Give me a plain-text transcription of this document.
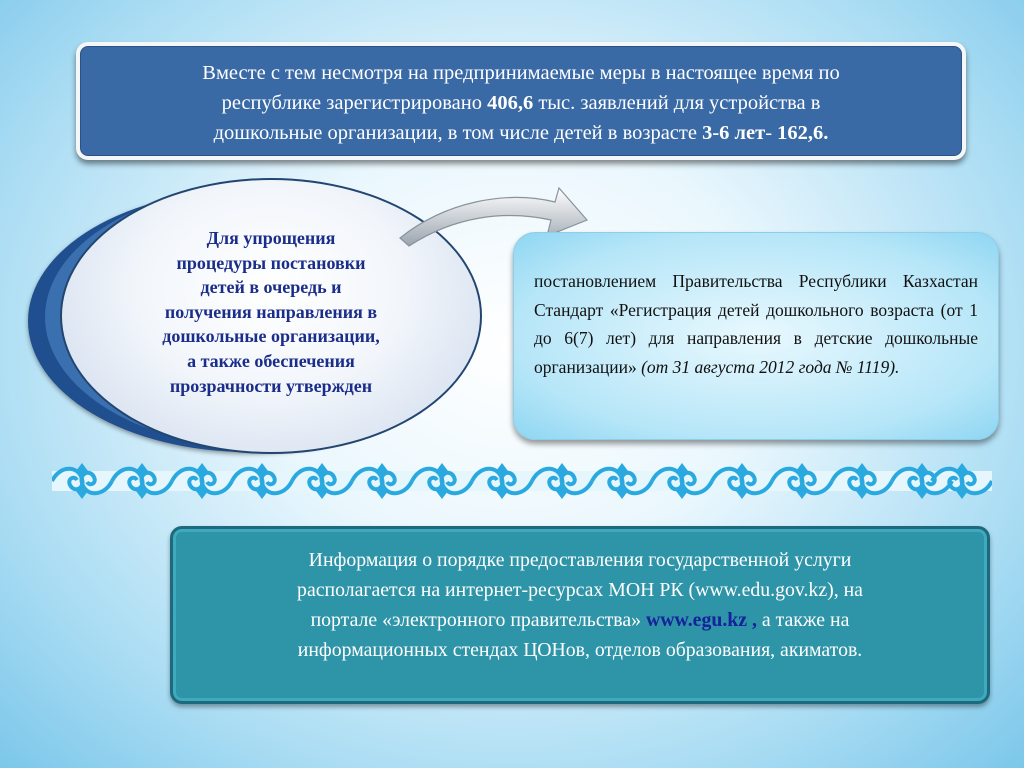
Вместе с тем несмотря на предпринимаемые меры в настоящее время по
республике зарегистрировано 406,6 тыс. заявлений для устройства в
дошкольные организации, в том числе детей в возрасте 3-6 лет- 162,6.
Для упрощения
процедуры постановки
детей в очередь и
получения направления в
дошкольные организации,
а также обеспечения
прозрачности утвержден

постановлением Правительства Республики Казхастан Стандарт «Регистрация детей дошкольного возраста (от 1 до 6(7) лет) для направления в детские дошкольные организации» (от 31 августа 2012 года № 1119).

Информация о порядке предоставления государственной услуги
располагается на интернет-ресурсах МОН РК (www.edu.gov.kz), на
портале «электронного правительства» www.egu.kz , а также на
информационных стендах ЦОНов, отделов образования, акиматов.
